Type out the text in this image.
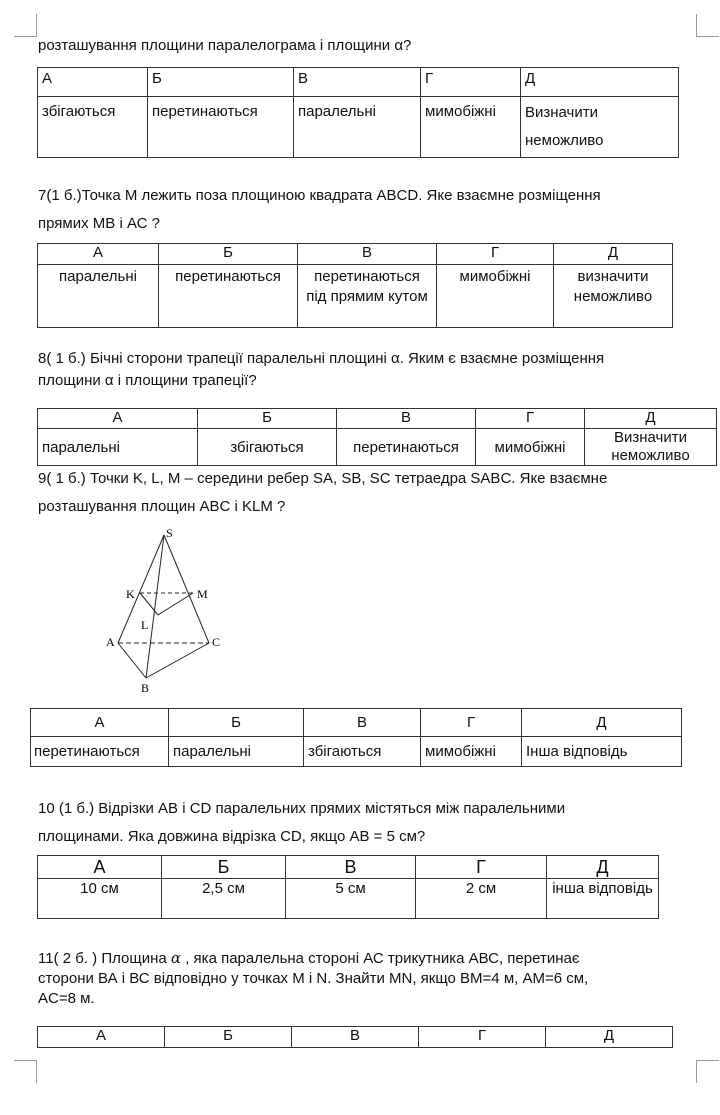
розташування площини паралелограма і площини α?
А	Б	В	Г	Д
збігаються	перетинаються	паралельні	мимобіжні	Визначити неможливо
7(1 б.)Точка М лежить поза площиною квадрата ABCD. Яке взаємне розміщення
прямих МВ і АС ?
А	Б	В	Г	Д
паралельні	перетинаються	перетинаються під прямим кутом	мимобіжні	визначити неможливо
8( 1 б.) Бічні сторони трапеції паралельні площині α. Яким є взаємне розміщення
площини α і площини трапеції?
А	Б	В	Г	Д
паралельні	збігаються	перетинаються	мимобіжні	Визначити неможливо
9( 1 б.) Точки K, L, M – середини ребер SA, SB, SC тетраедра SABC. Яке взаємне
розташування площин ABC і KLM ?
S
K	M
L
A	C
B
А	Б	В	Г	Д
перетинаються	паралельні	збігаються	мимобіжні	Інша відповідь
10 (1 б.) Відрізки АВ і CD паралельних прямих містяться між паралельними
площинами. Яка довжина відрізка CD, якщо АВ = 5 см?
А	Б	В	Г	Д
10 см	2,5 см	5 см	2 см	інша відповідь
11( 2 б. ) Площина α , яка паралельна стороні АС трикутника АВС, перетинає
сторони ВА і ВС відповідно у точках М і N. Знайти MN, якщо ВМ=4 м, АМ=6 см,
AC=8 м.
А	Б	В	Г	Д
